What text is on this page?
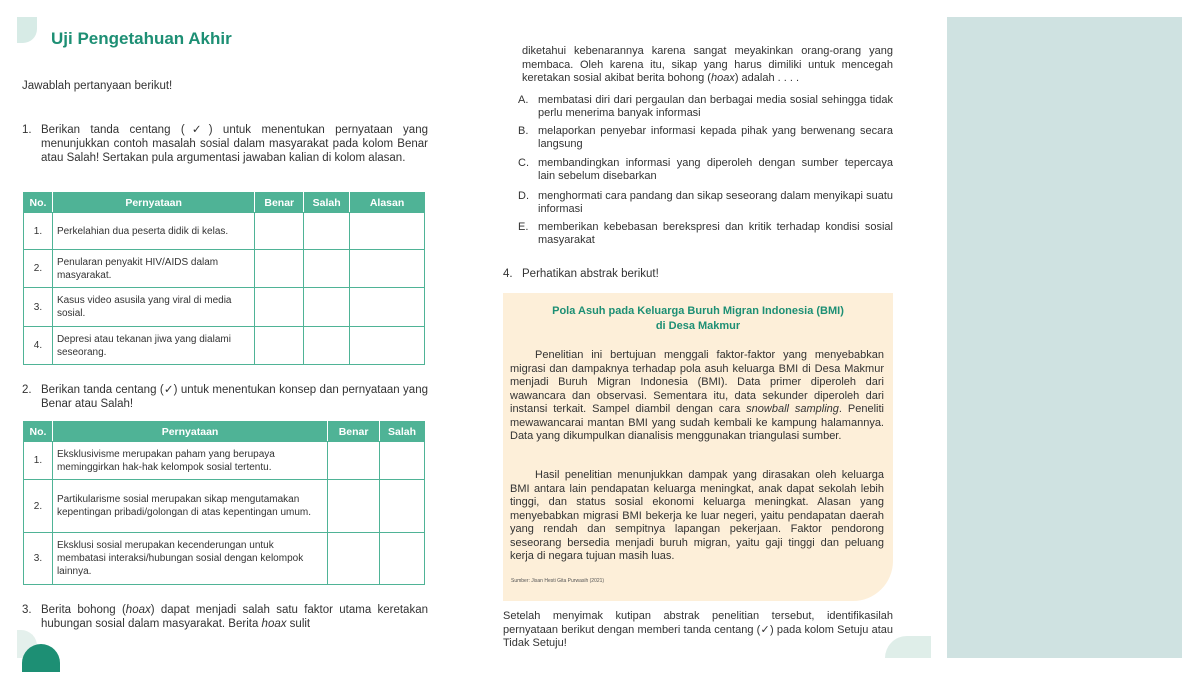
Uji Pengetahuan Akhir
Jawablah pertanyaan berikut!
1. Berikan tanda centang (✓) untuk menentukan pernyataan yang menunjukkan contoh masalah sosial dalam masyarakat pada kolom Benar atau Salah! Sertakan pula argumentasi jawaban kalian di kolom alasan.
No.	Pernyataan	Benar	Salah	Alasan
1.	Perkelahian dua peserta didik di kelas.			
2.	Penularan penyakit HIV/AIDS dalam masyarakat.			
3.	Kasus video asusila yang viral di media sosial.			
4.	Depresi atau tekanan jiwa yang dialami seseorang.			
2. Berikan tanda centang (✓) untuk menentukan konsep dan pernyataan yang Benar atau Salah!
No.	Pernyataan	Benar	Salah
1.	Eksklusivisme merupakan paham yang berupaya meminggirkan hak-hak kelompok sosial tertentu.		
2.	Partikularisme sosial merupakan sikap mengutamakan kepentingan pribadi/golongan di atas kepentingan umum.		
3.	Eksklusi sosial merupakan kecenderungan untuk membatasi interaksi/hubungan sosial dengan kelompok lainnya.		
3. Berita bohong (hoax) dapat menjadi salah satu faktor utama keretakan hubungan sosial dalam masyarakat. Berita hoax sulit
diketahui kebenarannya karena sangat meyakinkan orang-orang yang membaca. Oleh karena itu, sikap yang harus dimiliki untuk mencegah keretakan sosial akibat berita bohong (hoax) adalah . . . .
A. membatasi diri dari pergaulan dan berbagai media sosial sehingga tidak perlu menerima banyak informasi
B. melaporkan penyebar informasi kepada pihak yang berwenang secara langsung
C. membandingkan informasi yang diperoleh dengan sumber tepercaya lain sebelum disebarkan
D. menghormati cara pandang dan sikap seseorang dalam menyikapi suatu informasi
E. memberikan kebebasan berekspresi dan kritik terhadap kondisi sosial masyarakat
4. Perhatikan abstrak berikut!
Pola Asuh pada Keluarga Buruh Migran Indonesia (BMI)
di Desa Makmur
Penelitian ini bertujuan menggali faktor-faktor yang menyebabkan migrasi dan dampaknya terhadap pola asuh keluarga BMI di Desa Makmur menjadi Buruh Migran Indonesia (BMI). Data primer diperoleh dari wawancara dan observasi. Sementara itu, data sekunder diperoleh dari instansi terkait. Sampel diambil dengan cara snowball sampling. Peneliti mewawancarai mantan BMI yang sudah kembali ke kampung halamannya. Data yang dikumpulkan dianalisis menggunakan triangulasi sumber.
Hasil penelitian menunjukkan dampak yang dirasakan oleh keluarga BMI antara lain pendapatan keluarga meningkat, anak dapat sekolah lebih tinggi, dan status sosial ekonomi keluarga meningkat. Alasan yang menyebabkan migrasi BMI bekerja ke luar negeri, yaitu pendapatan daerah yang rendah dan sempitnya lapangan pekerjaan. Faktor pendorong seseorang bersedia menjadi buruh migran, yaitu gaji tinggi dan peluang kerja di negara tujuan masih luas.
Sumber: Jisan Hesti Gita Purwasih (2021)
Setelah menyimak kutipan abstrak penelitian tersebut, identifikasilah pernyataan berikut dengan memberi tanda centang (✓) pada kolom Setuju atau Tidak Setuju!
